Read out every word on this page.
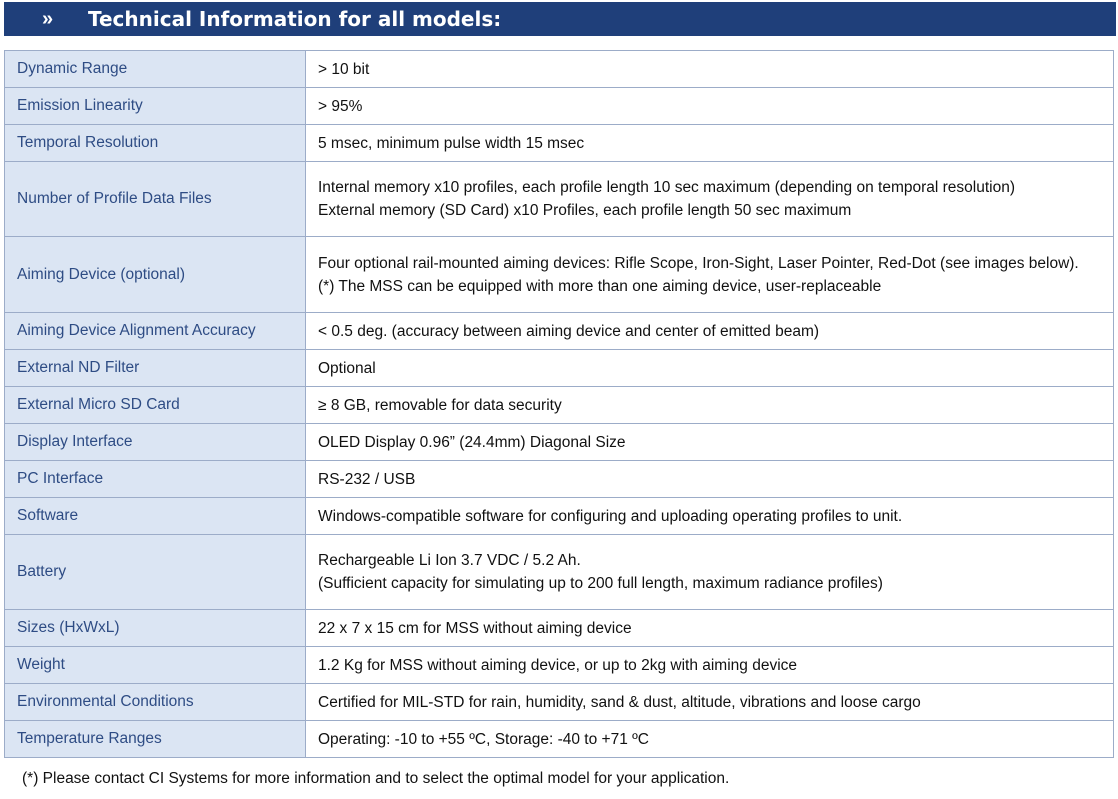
»	Technical Information for all models:
Dynamic Range	> 10 bit

Emission Linearity	> 95%

Temporal Resolution	5 msec, minimum pulse width 15 msec

Number of Profile Data Files	Internal memory x10 profiles, each profile length 10 sec maximum (depending on temporal resolution)
External memory (SD Card) x10 Profiles, each profile length 50 sec maximum

Aiming Device (optional)	Four optional rail-mounted aiming devices: Rifle Scope, Iron-Sight, Laser Pointer, Red-Dot (see images below).
(*) The MSS can be equipped with more than one aiming device, user-replaceable

Aiming Device Alignment Accuracy	< 0.5 deg. (accuracy between aiming device and center of emitted beam)

External ND Filter	Optional

External Micro SD Card	≥ 8 GB, removable for data security

Display Interface	OLED Display 0.96” (24.4mm) Diagonal Size

PC Interface	RS-232 / USB

Software	Windows-compatible software for configuring and uploading operating profiles to unit.

Battery	Rechargeable Li Ion 3.7 VDC / 5.2 Ah.
(Sufficient capacity for simulating up to 200 full length, maximum radiance profiles)

Sizes (HxWxL)	22 x 7 x 15 cm for MSS without aiming device

Weight	1.2 Kg for MSS without aiming device, or up to 2kg with aiming device

Environmental Conditions	Certified for MIL-STD for rain, humidity, sand & dust, altitude, vibrations and loose cargo

Temperature Ranges	Operating: -10 to +55 ºC, Storage: -40 to +71 ºC
(*) Please contact CI Systems for more information and to select the optimal model for your application.
